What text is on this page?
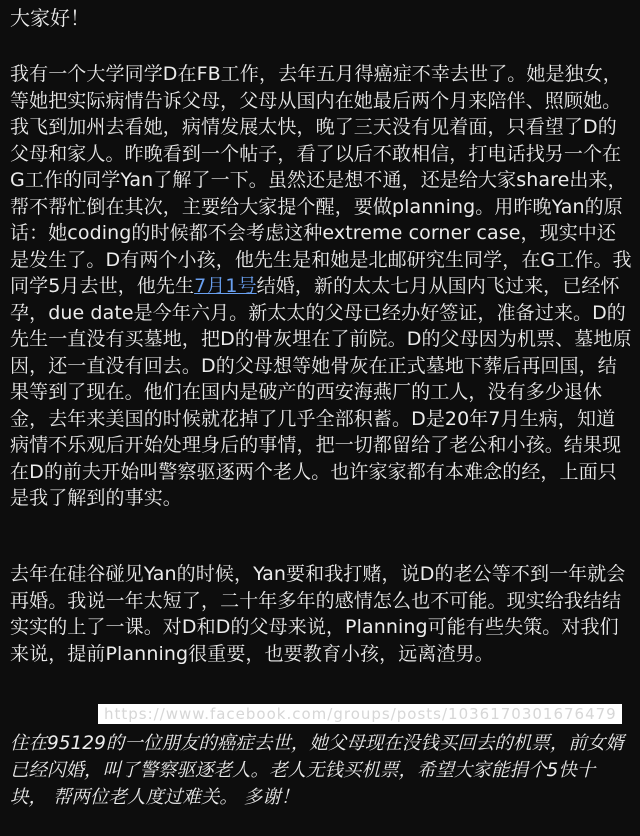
大家好！

我有一个大学同学D在FB工作，去年五月得癌症不幸去世了。她是独女，等她把实际病情告诉父母，父母从国内在她最后两个月来陪伴、照顾她。我飞到加州去看她，病情发展太快，晚了三天没有见着面，只看望了D的父母和家人。昨晚看到一个帖子，看了以后不敢相信，打电话找另一个在G工作的同学Yan了解了一下。虽然还是想不通，还是给大家share出来，帮不帮忙倒在其次，主要给大家提个醒，要做planning。用昨晚Yan的原话：她coding的时候都不会考虑这种extreme corner case，现实中还是发生了。D有两个小孩，他先生是和她是北邮研究生同学，在G工作。我同学5月去世，他先生7月1号结婚，新的太太七月从国内飞过来，已经怀孕，due date是今年六月。新太太的父母已经办好签证，准备过来。D的先生一直没有买墓地，把D的骨灰埋在了前院。D的父母因为机票、墓地原因，还一直没有回去。D的父母想等她骨灰在正式墓地下葬后再回国，结果等到了现在。他们在国内是破产的西安海燕厂的工人，没有多少退休金，去年来美国的时候就花掉了几乎全部积蓄。D是20年7月生病，知道病情不乐观后开始处理身后的事情，把一切都留给了老公和小孩。结果现在D的前夫开始叫警察驱逐两个老人。也许家家都有本难念的经，上面只是我了解到的事实。

去年在硅谷碰见Yan的时候，Yan要和我打赌，说D的老公等不到一年就会再婚。我说一年太短了，二十年多年的感情怎么也不可能。现实给我结结实实的上了一课。对D和D的父母来说，Planning可能有些失策。对我们来说，提前Planning很重要，也要教育小孩，远离渣男。

https://www.facebook.com/groups/posts/1036170301676479

住在95129的一位朋友的癌症去世，她父母现在没钱买回去的机票，前女婿已经闪婚，叫了警察驱逐老人。老人无钱买机票，希望大家能捐个5快十块， 帮两位老人度过难关。 多谢！
